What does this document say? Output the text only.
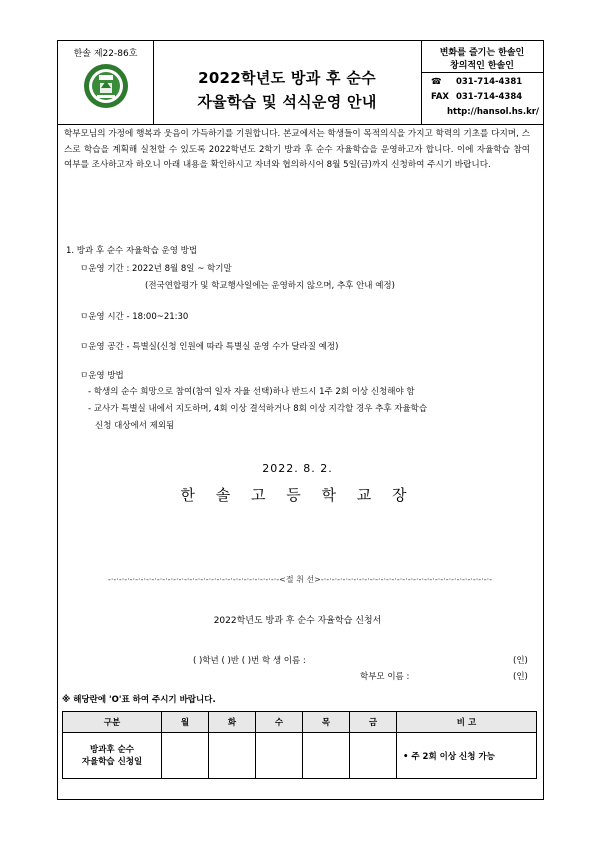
한솔 제22-86호
2022학년도 방과 후 순수
자율학습 및 석식운영 안내
변화를 즐기는 한솔인
창의적인 한솔인
☎ 031-714-4381
FAX 031-714-4384
http://hansol.hs.kr/
학부모님의 가정에 행복과 웃음이 가득하기를 기원합니다. 본교에서는 학생들이 목적의식을 가지고 학력의 기초를 다지며, 스스로 학습을 계획해 실천할 수 있도록 2022학년도 2학기 방과 후 순수 자율학습을 운영하고자 합니다. 이에 자율학습 참여 여부를 조사하고자 하오니 아래 내용을 확인하시고 자녀와 협의하시어 8월 5일(금)까지 신청하여 주시기 바랍니다.
1. 방과 후 순수 자율학습 운영 방법
ㅁ운영 기간 : 2022년 8월 8일 ~ 학기말
(전국연합평가 및 학교행사일에는 운영하지 않으며, 추후 안내 예정)
ㅁ운영 시간 - 18:00~21:30
ㅁ운영 공간 - 특별실(신청 인원에 따라 특별실 운영 수가 달라질 예정)
ㅁ운영 방법
- 학생의 순수 희망으로 참여(참여 일자 자율 선택)하나 반드시 1주 2회 이상 신청해야 함
- 교사가 특별실 내에서 지도하며, 4회 이상 결석하거나 8회 이상 지각할 경우 추후 자율학습
신청 대상에서 제외됨
2022. 8. 2.
한 솔 고 등 학 교 장
-·-·-·-·-·-·-·-·-·-·-·-·-·-·-·-·-·-·-·-·-·-·-·-·-·-·-·-·-·-·-·-<절 취 선>-·-·-·-·-·-·-·-·-·-·-·-·-·-·-·-·-·-·-·-·-·-·-·-·-·-·-·-·-·-·-·-
2022학년도 방과 후 순수 자율학습 신청서
( )학년 ( )반 ( )번 학 생 이름 :	(인)
학부모 이름 :	(인)
※ 해당란에 'O'표 하여 주시기 바랍니다.
구분	월	화	수	목	금	비 고
방과후 순수
자율학습 신청일						• 주 2회 이상 신청 가능
